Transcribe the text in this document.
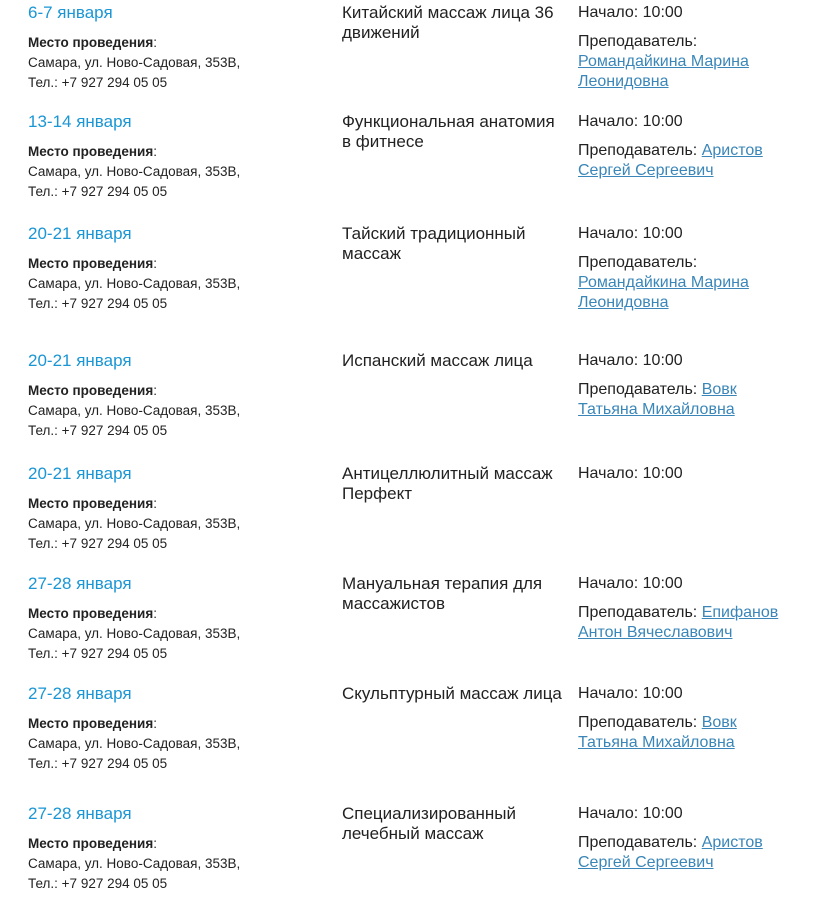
6-7 января
Место проведения:
Самара, ул. Ново-Садовая, 353В,
Тел.: +7 927 294 05 05
Китайский массаж лица 36 движений
Начало: 10:00
Преподаватель: Романдайкина Марина Леонидовна
13-14 января
Место проведения:
Самара, ул. Ново-Садовая, 353В,
Тел.: +7 927 294 05 05
Функциональная анатомия в фитнесе
Начало: 10:00
Преподаватель: Аристов Сергей Сергеевич
20-21 января
Место проведения:
Самара, ул. Ново-Садовая, 353В,
Тел.: +7 927 294 05 05
Тайский традиционный массаж
Начало: 10:00
Преподаватель: Романдайкина Марина Леонидовна
20-21 января
Место проведения:
Самара, ул. Ново-Садовая, 353В,
Тел.: +7 927 294 05 05
Испанский массаж лица	Начало: 10:00
Преподаватель: Вовк Татьяна Михайловна
20-21 января
Место проведения:
Самара, ул. Ново-Садовая, 353В,
Тел.: +7 927 294 05 05
Антицеллюлитный массаж Перфект
Начало: 10:00
27-28 января
Место проведения:
Самара, ул. Ново-Садовая, 353В,
Тел.: +7 927 294 05 05
Мануальная терапия для массажистов
Начало: 10:00
Преподаватель: Епифанов Антон Вячеславович
27-28 января
Место проведения:
Самара, ул. Ново-Садовая, 353В,
Тел.: +7 927 294 05 05
Скульптурный массаж лица	Начало: 10:00
Преподаватель: Вовк Татьяна Михайловна
27-28 января
Место проведения:
Самара, ул. Ново-Садовая, 353В,
Тел.: +7 927 294 05 05
Специализированный лечебный массаж
Начало: 10:00
Преподаватель: Аристов Сергей Сергеевич
